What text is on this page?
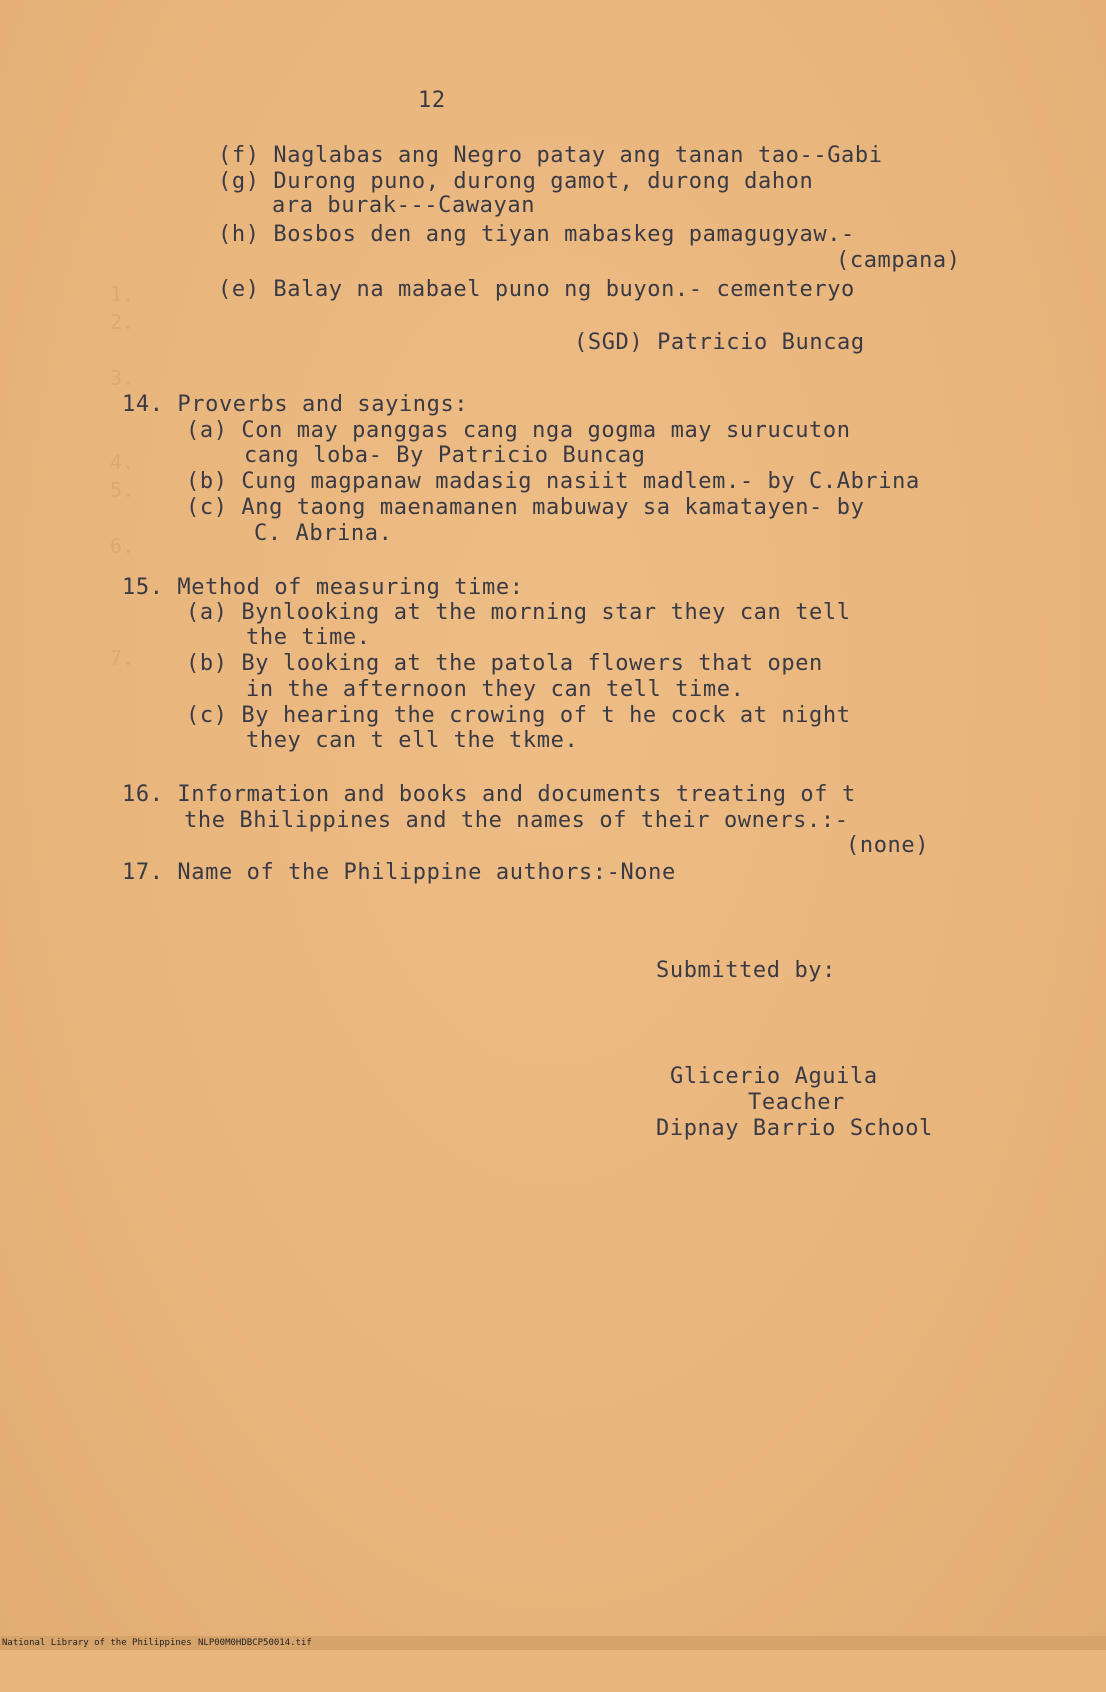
1.
2.

3.

4.
5.

6.

7.
12
(f) Naglabas ang Negro patay ang tanan tao--Gabi
(g) Durong puno, durong gamot, durong dahon
ara burak---Cawayan
(h) Bosbos den ang tiyan mabaskeg pamagugyaw.-
(campana)
(e) Balay na mabael puno ng buyon.- cementeryo
(SGD) Patricio Buncag
14. Proverbs and sayings:
(a) Con may panggas cang nga gogma may surucuton
cang loba- By Patricio Buncag
(b) Cung magpanaw madasig nasiit madlem.- by C.Abrina
(c) Ang taong maenamanen mabuway sa kamatayen- by
C. Abrina.
15. Method of measuring time:
(a) Bynlooking at the morning star they can tell
the time.
(b) By looking at the patola flowers that open
in the afternoon they can tell time.
(c) By hearing the crowing of t he cock at night
they can t ell the tkme.
16. Information and books and documents treating of t
the Bhilippines and the names of their owners.:-
(none)
17. Name of the Philippine authors:-None
Submitted by:
Glicerio Aguila
Teacher
Dipnay Barrio School

National Library of the Philippines

NLP00M0HDBCP50014.tif
